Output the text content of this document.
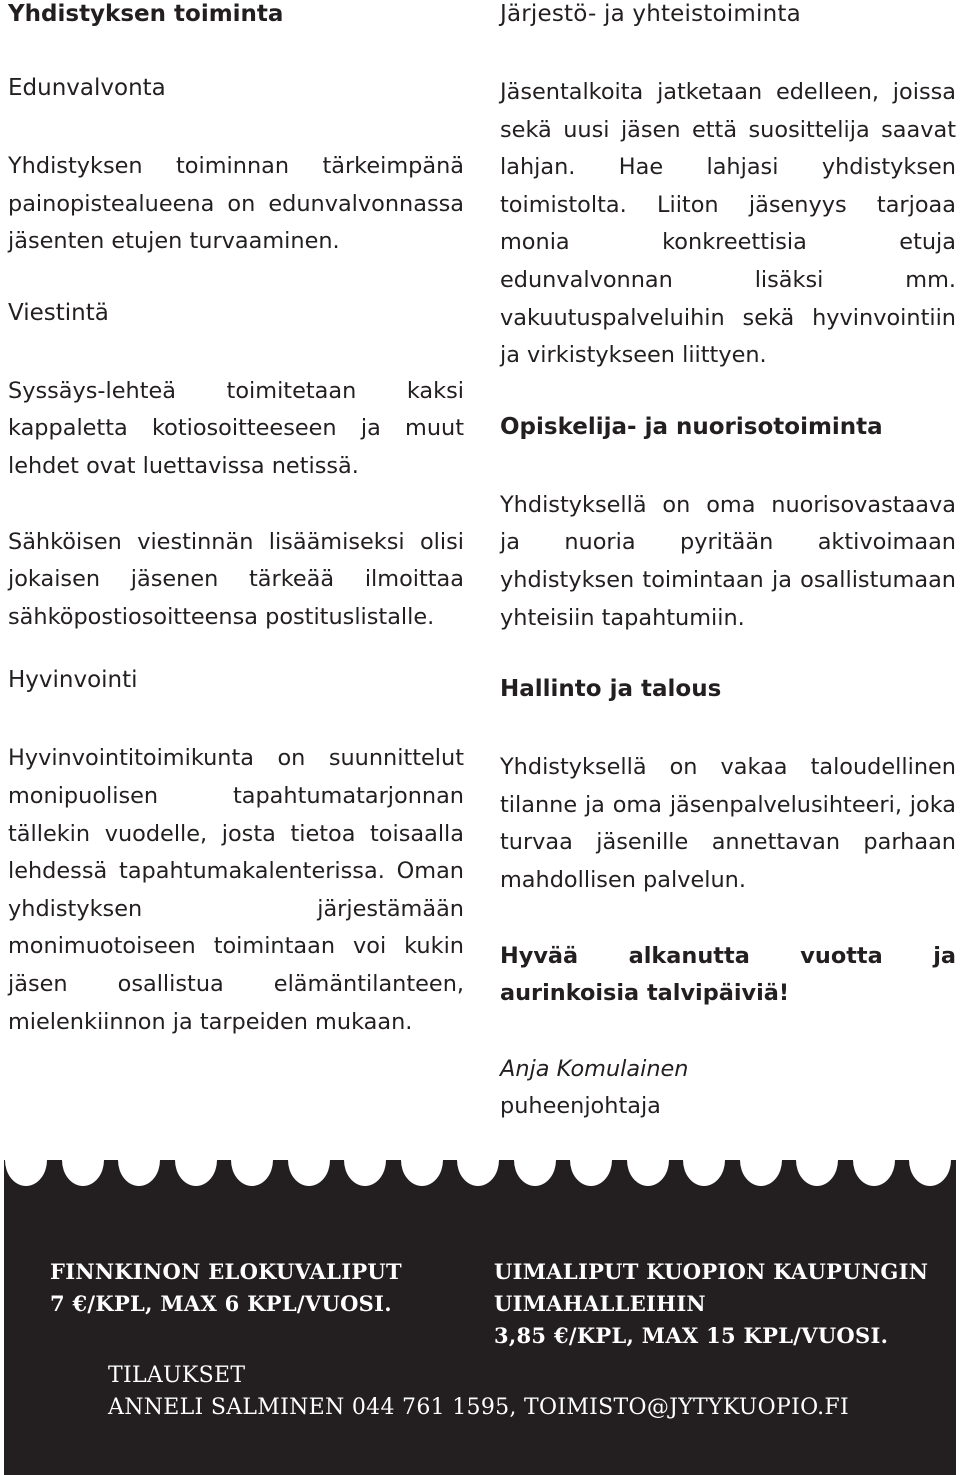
Yhdistyksen toiminta
Edunvalvonta

Yhdistyksen toiminnan tärkeimpänä painopistealueena on edunvalvonnassa jäsenten etujen turvaaminen.

Viestintä

Syssäys-lehteä toimitetaan kaksi kappaletta kotiosoitteeseen ja muut lehdet ovat luettavissa netissä.

Sähköisen viestinnän lisäämiseksi olisi jokaisen jäsenen tärkeää ilmoittaa sähköpostiosoitteensa postituslistalle.

Hyvinvointi

Hyvinvointitoimikunta on suunnittelut monipuolisen tapahtumatarjonnan tällekin vuodelle, josta tietoa toisaalla lehdessä tapahtumakalenterissa. Oman yhdistyksen järjestämään monimuotoiseen toimintaan voi kukin jäsen osallistua elämäntilanteen, mielenkiinnon ja tarpeiden mukaan.

Järjestö- ja yhteistoiminta

Jäsentalkoita jatketaan edelleen, joissa sekä uusi jäsen että suosittelija saavat lahjan. Hae lahjasi yhdistyksen toimistolta. Liiton jäsenyys tarjoaa monia konkreettisia etuja edunvalvonnan lisäksi mm. vakuutuspalveluihin sekä hyvinvointiin ja virkistykseen liittyen.

Opiskelija- ja nuorisotoiminta

Yhdistyksellä on oma nuorisovastaava ja nuoria pyritään aktivoimaan yhdistyksen toimintaan ja osallistumaan yhteisiin tapahtumiin.

Hallinto ja talous

Yhdistyksellä on vakaa taloudellinen tilanne ja oma jäsenpalvelusihteeri, joka turvaa jäsenille annettavan parhaan mahdollisen palvelun.

Hyvää alkanutta vuotta ja aurinkoisia talvipäiviä!

Anja Komulainen

puheenjohtaja

FINNKINON ELOKUVALIPUT
7 €/KPL, MAX 6 KPL/VUOSI.
UIMALIPUT KUOPION KAUPUNGIN
UIMAHALLEIHIN
3,85 €/KPL, MAX 15 KPL/VUOSI.
TILAUKSET
ANNELI SALMINEN 044 761 1595, TOIMISTO@JYTYKUOPIO.FI
